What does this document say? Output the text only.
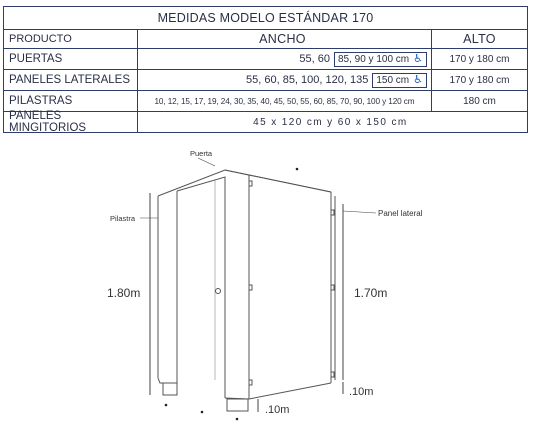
MEDIDAS MODELO ESTÁNDAR 170
PRODUCTO	ANCHO	ALTO
PUERTAS	55, 60 85, 90 y 100 cm ♿	170 y 180 cm
PANELES LATERALES	55, 60, 85, 100, 120, 135 150 cm ♿	170 y 180 cm
PILASTRAS	10, 12, 15, 17, 19, 24, 30, 35, 40, 45, 50, 55, 60, 85, 70, 90, 100 y 120 cm	180 cm
PANELES MINGITORIOS	45 x 120 cm y 60 x 150 cm
Puerta
Pilastra
Panel lateral
1.80m	1.70m
.10m
.10m
